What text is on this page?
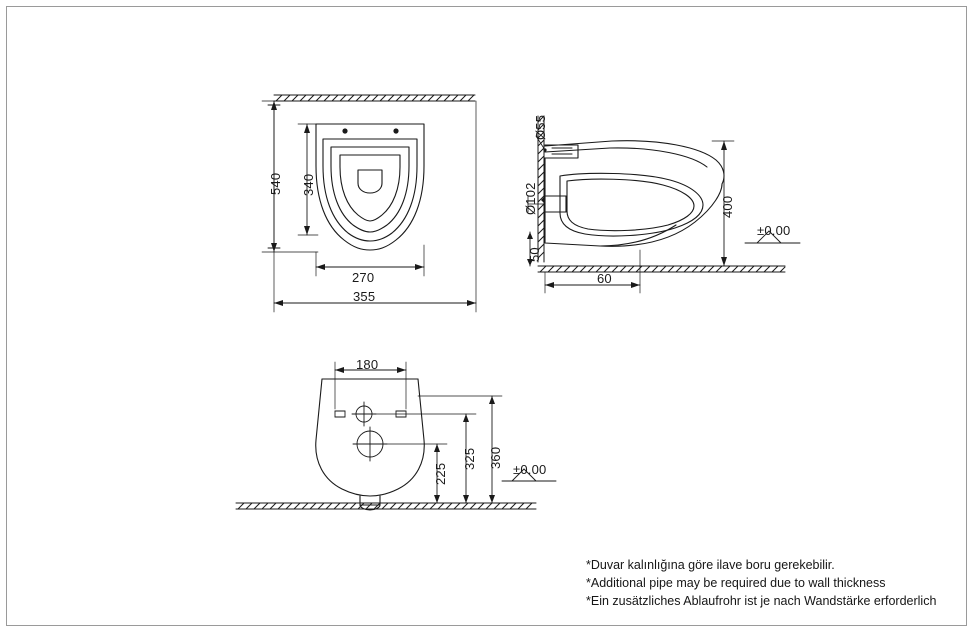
540 340
270
355
Ø55
Ø102
50
400
60
±0.00
180
225
325 360
±0.00
*Duvar kalınlığına göre ilave boru gerekebilir.
*Additional pipe may be required due to wall thickness
*Ein zusätzliches Ablaufrohr ist je nach Wandstärke erforderlich
